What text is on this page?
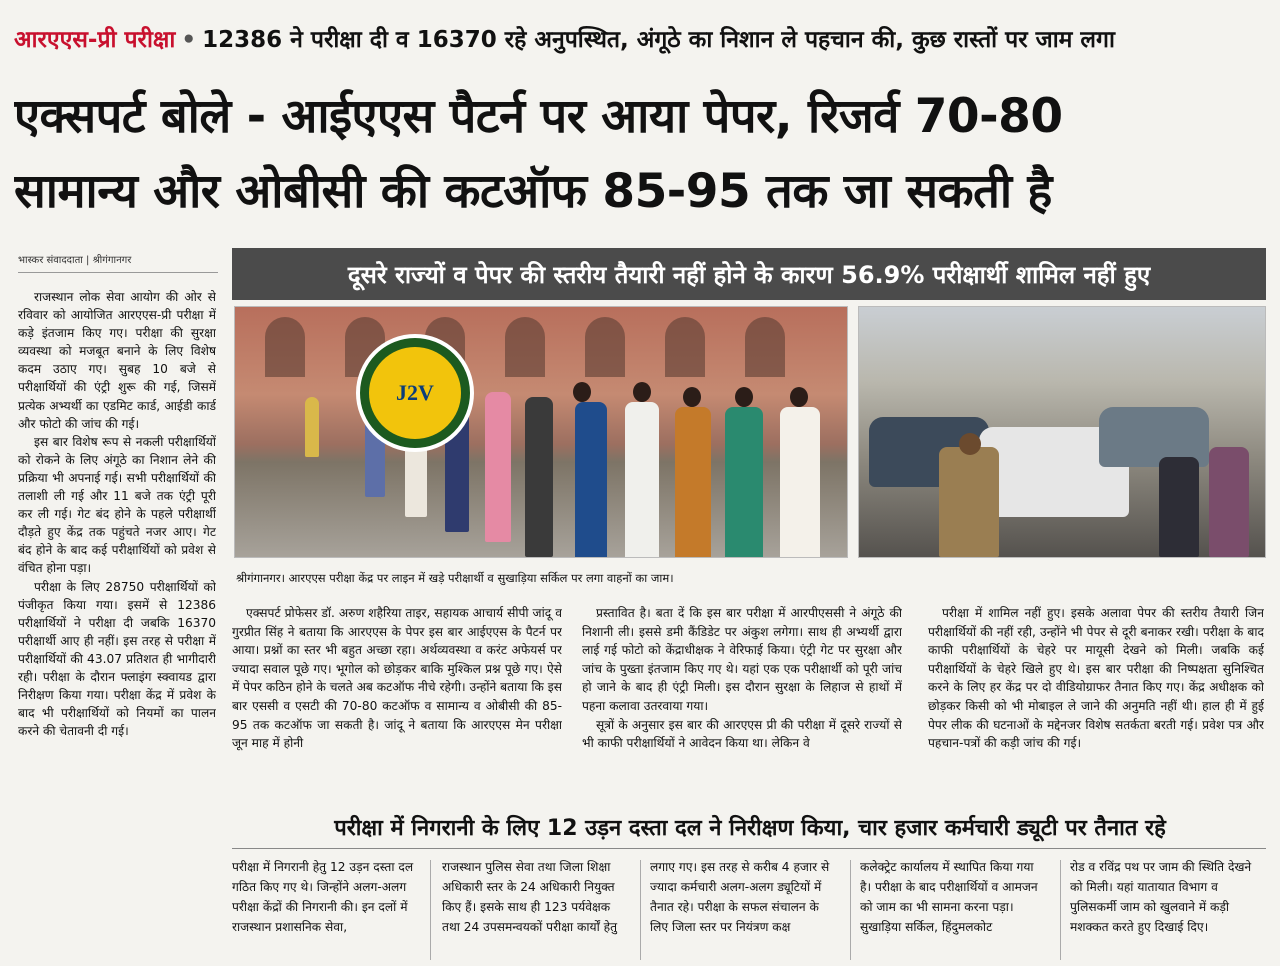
आरएएस-प्री परीक्षा • 12386 ने परीक्षा दी व 16370 रहे अनुपस्थित, अंगूठे का निशान ले पहचान की, कुछ रास्तों पर जाम लगा
एक्सपर्ट बोले - आईएएस पैटर्न पर आया पेपर, रिजर्व 70-80
सामान्य और ओबीसी की कटऑफ 85-95 तक जा सकती है
भास्कर संवाददाता | श्रीगंगानगर

राजस्थान लोक सेवा आयोग की ओर से रविवार को आयोजित आरएएस-प्री परीक्षा में कड़े इंतजाम किए गए। परीक्षा की सुरक्षा व्यवस्था को मजबूत बनाने के लिए विशेष कदम उठाए गए। सुबह 10 बजे से परीक्षार्थियों की एंट्री शुरू की गई, जिसमें प्रत्येक अभ्यर्थी का एडमिट कार्ड, आईडी कार्ड और फोटो की जांच की गई।

इस बार विशेष रूप से नकली परीक्षार्थियों को रोकने के लिए अंगूठे का निशान लेने की प्रक्रिया भी अपनाई गई। सभी परीक्षार्थियों की तलाशी ली गई और 11 बजे तक एंट्री पूरी कर ली गई। गेट बंद होने के पहले परीक्षार्थी दौड़ते हुए केंद्र तक पहुंचते नजर आए। गेट बंद होने के बाद कई परीक्षार्थियों को प्रवेश से वंचित होना पड़ा।

परीक्षा के लिए 28750 परीक्षार्थियों को पंजीकृत किया गया। इसमें से 12386 परीक्षार्थियों ने परीक्षा दी जबकि 16370 परीक्षार्थी आए ही नहीं। इस तरह से परीक्षा में परीक्षार्थियों की 43.07 प्रतिशत ही भागीदारी रही। परीक्षा के दौरान फ्लाइंग स्क्वायड द्वारा निरीक्षण किया गया। परीक्षा केंद्र में प्रवेश के बाद भी परीक्षार्थियों को नियमों का पालन करने की चेतावनी दी गई।

दूसरे राज्यों व पेपर की स्तरीय तैयारी नहीं होने के कारण 56.9% परीक्षार्थी शामिल नहीं हुए
J2V
श्रीगंगानगर। आरएएस परीक्षा केंद्र पर लाइन में खड़े परीक्षार्थी व सुखाड़िया सर्किल पर लगा वाहनों का जाम।

एक्सपर्ट प्रोफेसर डॉ. अरुण शहैरिया ताइर, सहायक आचार्य सीपी जांदू व गुरप्रीत सिंह ने बताया कि आरएएस के पेपर इस बार आईएएस के पैटर्न पर आया। प्रश्नों का स्तर भी बहुत अच्छा रहा। अर्थव्यवस्था व करंट अफेयर्स पर ज्यादा सवाल पूछे गए। भूगोल को छोड़कर बाकि मुश्किल प्रश्न पूछे गए। ऐसे में पेपर कठिन होने के चलते अब कटऑफ नीचे रहेगी। उन्होंने बताया कि इस बार एससी व एसटी की 70-80 कटऑफ व सामान्य व ओबीसी की 85-95 तक कटऑफ जा सकती है। जांदू ने बताया कि आरएएस मेन परीक्षा जून माह में होनी

प्रस्तावित है। बता दें कि इस बार परीक्षा में आरपीएससी ने अंगूठे की निशानी ली। इससे डमी कैंडिडेट पर अंकुश लगेगा। साथ ही अभ्यर्थी द्वारा लाई गई फोटो को केंद्राधीक्षक ने वेरिफाई किया। एंट्री गेट पर सुरक्षा और जांच के पुख्ता इंतजाम किए गए थे। यहां एक एक परीक्षार्थी को पूरी जांच हो जाने के बाद ही एंट्री मिली। इस दौरान सुरक्षा के लिहाज से हाथों में पहना कलावा उतरवाया गया।

सूत्रों के अनुसार इस बार की आरएएस प्री की परीक्षा में दूसरे राज्यों से भी काफी परीक्षार्थियों ने आवेदन किया था। लेकिन वे

परीक्षा में शामिल नहीं हुए। इसके अलावा पेपर की स्तरीय तैयारी जिन परीक्षार्थियों की नहीं रही, उन्होंने भी पेपर से दूरी बनाकर रखी। परीक्षा के बाद काफी परीक्षार्थियों के चेहरे पर मायूसी देखने को मिली। जबकि कई परीक्षार्थियों के चेहरे खिले हुए थे। इस बार परीक्षा की निष्पक्षता सुनिश्चित करने के लिए हर केंद्र पर दो वीडियोग्राफर तैनात किए गए। केंद्र अधीक्षक को छोड़कर किसी को भी मोबाइल ले जाने की अनुमति नहीं थी। हाल ही में हुई पेपर लीक की घटनाओं के मद्देनजर विशेष सतर्कता बरती गई। प्रवेश पत्र और पहचान-पत्रों की कड़ी जांच की गई।

परीक्षा में निगरानी के लिए 12 उड़न दस्ता दल ने निरीक्षण किया, चार हजार कर्मचारी ड्यूटी पर तैनात रहे
परीक्षा में निगरानी हेतु 12 उड़न दस्ता दल गठित किए गए थे। जिन्होंने अलग-अलग परीक्षा केंद्रों की निगरानी की। इन दलों में राजस्थान प्रशासनिक सेवा,
राजस्थान पुलिस सेवा तथा जिला शिक्षा अधिकारी स्तर के 24 अधिकारी नियुक्त किए हैं। इसके साथ ही 123 पर्यवेक्षक तथा 24 उपसमन्वयकों परीक्षा कार्यों हेतु
लगाए गए। इस तरह से करीब 4 हजार से ज्यादा कर्मचारी अलग-अलग ड्यूटियों में तैनात रहे। परीक्षा के सफल संचालन के लिए जिला स्तर पर नियंत्रण कक्ष
कलेक्ट्रेट कार्यालय में स्थापित किया गया है। परीक्षा के बाद परीक्षार्थियों व आमजन को जाम का भी सामना करना पड़ा। सुखाड़िया सर्किल, हिंदुमलकोट
रोड व रविंद्र पथ पर जाम की स्थिति देखने को मिली। यहां यातायात विभाग व पुलिसकर्मी जाम को खुलवाने में कड़ी मशक्कत करते हुए दिखाई दिए।
